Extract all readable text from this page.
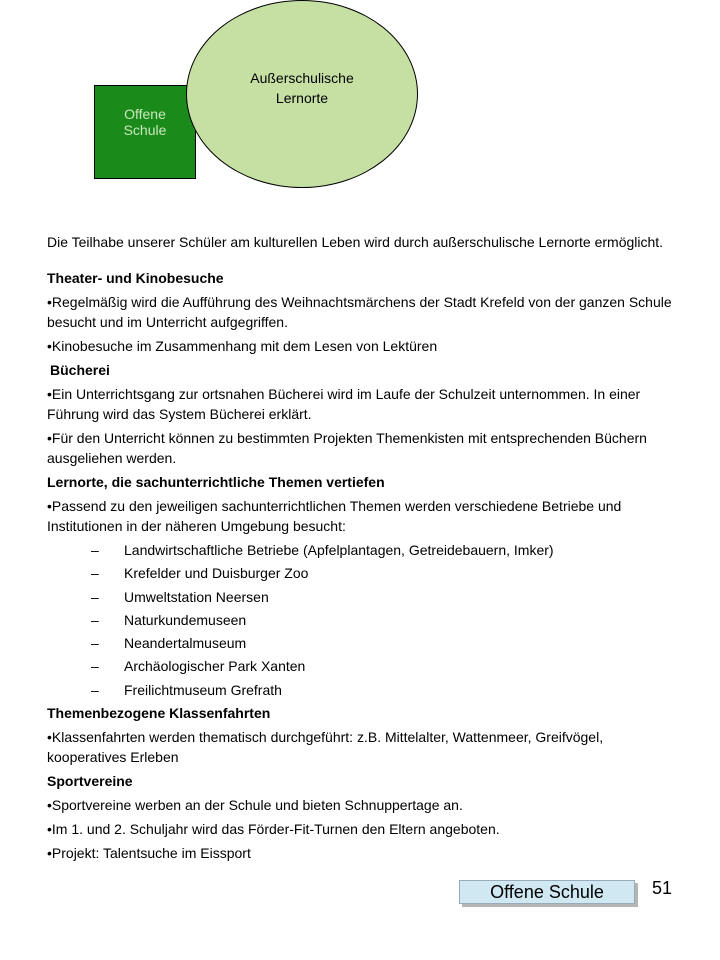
Offene
Schule
Außerschulische
Lernorte

Die Teilhabe unserer Schüler am kulturellen Leben wird durch außerschulische Lernorte ermöglicht.

Theater- und Kinobesuche

•Regelmäßig wird die Aufführung des Weihnachtsmärchens der Stadt Krefeld von der ganzen Schule besucht und im Unterricht aufgegriffen.

•Kinobesuche im Zusammenhang mit dem Lesen von Lektüren

Bücherei

•Ein Unterrichtsgang zur ortsnahen Bücherei wird im Laufe der Schulzeit unternommen. In einer Führung wird das System Bücherei erklärt.

•Für den Unterricht können zu bestimmten Projekten Themenkisten mit entsprechenden Büchern ausgeliehen werden.

Lernorte, die sachunterrichtliche Themen vertiefen

•Passend zu den jeweiligen sachunterrichtlichen Themen werden verschiedene Betriebe und Institutionen in der näheren Umgebung besucht:

– Landwirtschaftliche Betriebe (Apfelplantagen, Getreidebauern, Imker)

– Krefelder und Duisburger Zoo

– Umweltstation Neersen

– Naturkundemuseen

– Neandertalmuseum

– Archäologischer Park Xanten

– Freilichtmuseum Grefrath

Themenbezogene Klassenfahrten

•Klassenfahrten werden thematisch durchgeführt: z.B. Mittelalter, Wattenmeer, Greifvögel, kooperatives Erleben

Sportvereine

•Sportvereine werben an der Schule und bieten Schnuppertage an.

•Im 1. und 2. Schuljahr wird das Förder-Fit-Turnen den Eltern angeboten.

•Projekt: Talentsuche im Eissport

Offene Schule	51
